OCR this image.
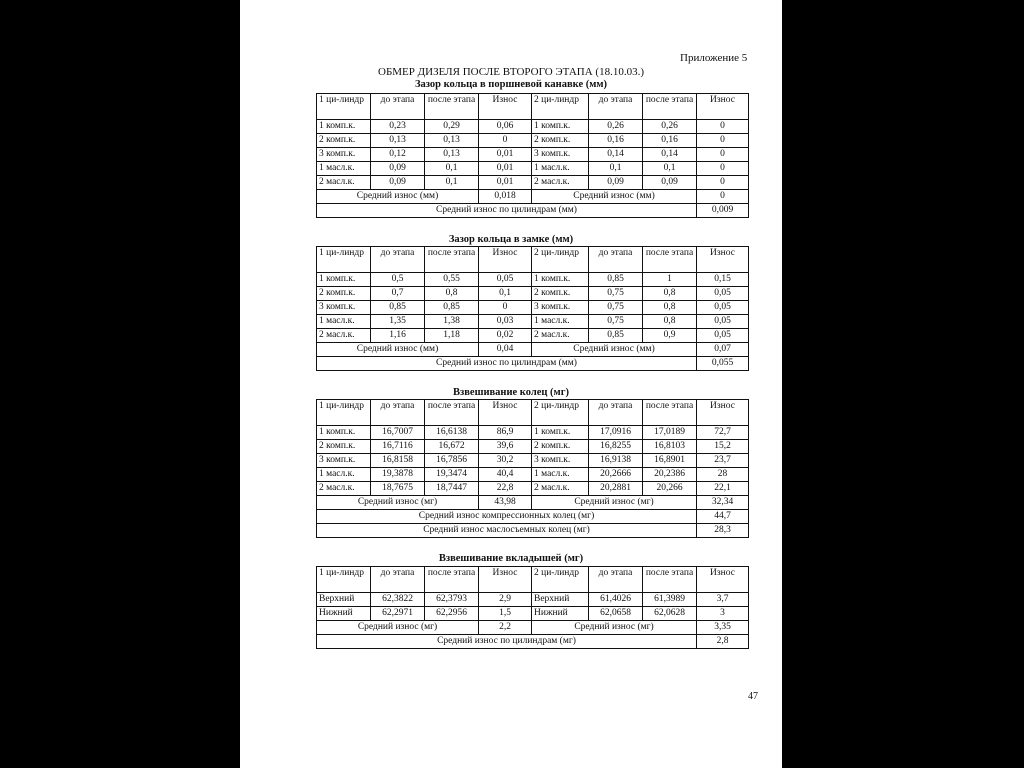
Приложение 5
ОБМЕР ДИЗЕЛЯ ПОСЛЕ ВТОРОГО ЭТАПА (18.10.03.)
Зазор кольца в поршневой канавке (мм)
1 ци-линдр	до этапа	после этапа	Износ	2 ци-линдр	до этапа	после этапа	Износ
1 комп.к.	0,23	0,29	0,06	1 комп.к.	0,26	0,26	0
2 комп.к.	0,13	0,13	0	2 комп.к.	0,16	0,16	0
3 комп.к.	0,12	0,13	0,01	3 комп.к.	0,14	0,14	0
1 масл.к.	0,09	0,1	0,01	1 масл.к.	0,1	0,1	0
2 масл.к.	0,09	0,1	0,01	2 масл.к.	0,09	0,09	0
Средний износ (мм)			0,018	Средний износ (мм)			0
Средний износ по цилиндрам (мм)							0,009
Зазор кольца в замке (мм)
1 ци-линдр	до этапа	после этапа	Износ	2 ци-линдр	до этапа	после этапа	Износ
1 комп.к.	0,5	0,55	0,05	1 комп.к.	0,85	1	0,15
2 комп.к.	0,7	0,8	0,1	2 комп.к.	0,75	0,8	0,05
3 комп.к.	0,85	0,85	0	3 комп.к.	0,75	0,8	0,05
1 масл.к.	1,35	1,38	0,03	1 масл.к.	0,75	0,8	0,05
2 масл.к.	1,16	1,18	0,02	2 масл.к.	0,85	0,9	0,05
Средний износ (мм)			0,04	Средний износ (мм)			0,07
Средний износ по цилиндрам (мм)							0,055
Взвешивание колец (мг)
1 ци-линдр	до этапа	после этапа	Износ	2 ци-линдр	до этапа	после этапа	Износ
1 комп.к.	16,7007	16,6138	86,9	1 комп.к.	17,0916	17,0189	72,7
2 комп.к.	16,7116	16,672	39,6	2 комп.к.	16,8255	16,8103	15,2
3 комп.к.	16,8158	16,7856	30,2	3 комп.к.	16,9138	16,8901	23,7
1 масл.к.	19,3878	19,3474	40,4	1 масл.к.	20,2666	20,2386	28
2 масл.к.	18,7675	18,7447	22,8	2 масл.к.	20,2881	20,266	22,1
Средний износ (мг)			43,98	Средний износ (мг)			32,34
Средний износ компрессионных колец (мг)							44,7
Средний износ маслосъемных колец (мг)							28,3
Взвешивание вкладышей (мг)
1 ци-линдр	до этапа	после этапа	Износ	2 ци-линдр	до этапа	после этапа	Износ
Верхний	62,3822	62,3793	2,9	Верхний	61,4026	61,3989	3,7
Нижний	62,2971	62,2956	1,5	Нижний	62,0658	62,0628	3
Средний износ (мг)			2,2	Средний износ (мг)			3,35
Средний износ по цилиндрам (мг)							2,8
47
